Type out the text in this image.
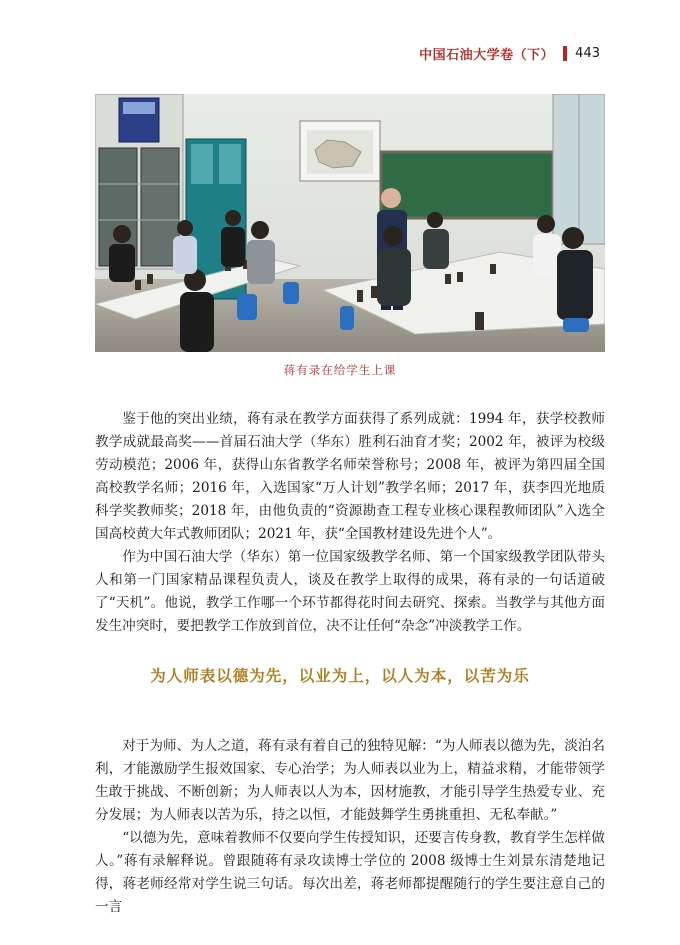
中国石油大学卷（下） 443
蒋有录在给学生上课

鉴于他的突出业绩，蒋有录在教学方面获得了系列成就：1994 年，获学校教师教学成就最高奖——首届石油大学（华东）胜利石油育才奖；2002 年，被评为校级劳动模范；2006 年，获得山东省教学名师荣誉称号；2008 年，被评为第四届全国高校教学名师；2016 年，入选国家“万人计划”教学名师；2017 年，获李四光地质科学奖教师奖；2018 年，由他负责的“资源勘查工程专业核心课程教师团队”入选全国高校黄大年式教师团队；2021 年，获“全国教材建设先进个人”。

作为中国石油大学（华东）第一位国家级教学名师、第一个国家级教学团队带头人和第一门国家精品课程负责人，谈及在教学上取得的成果，蒋有录的一句话道破了“天机”。他说，教学工作哪一个环节都得花时间去研究、探索。当教学与其他方面发生冲突时，要把教学工作放到首位，决不让任何“杂念”冲淡教学工作。

为人师表以德为先，以业为上，以人为本，以苦为乐

对于为师、为人之道，蒋有录有着自己的独特见解：“为人师表以德为先，淡泊名利，才能激励学生报效国家、专心治学；为人师表以业为上，精益求精，才能带领学生敢于挑战、不断创新；为人师表以人为本，因材施教，才能引导学生热爱专业、充分发展；为人师表以苦为乐，持之以恒，才能鼓舞学生勇挑重担、无私奉献。”

“以德为先，意味着教师不仅要向学生传授知识，还要言传身教，教育学生怎样做人。”蒋有录解释说。曾跟随蒋有录攻读博士学位的 2008 级博士生刘景东清楚地记得，蒋老师经常对学生说三句话。每次出差，蒋老师都提醒随行的学生要注意自己的一言
